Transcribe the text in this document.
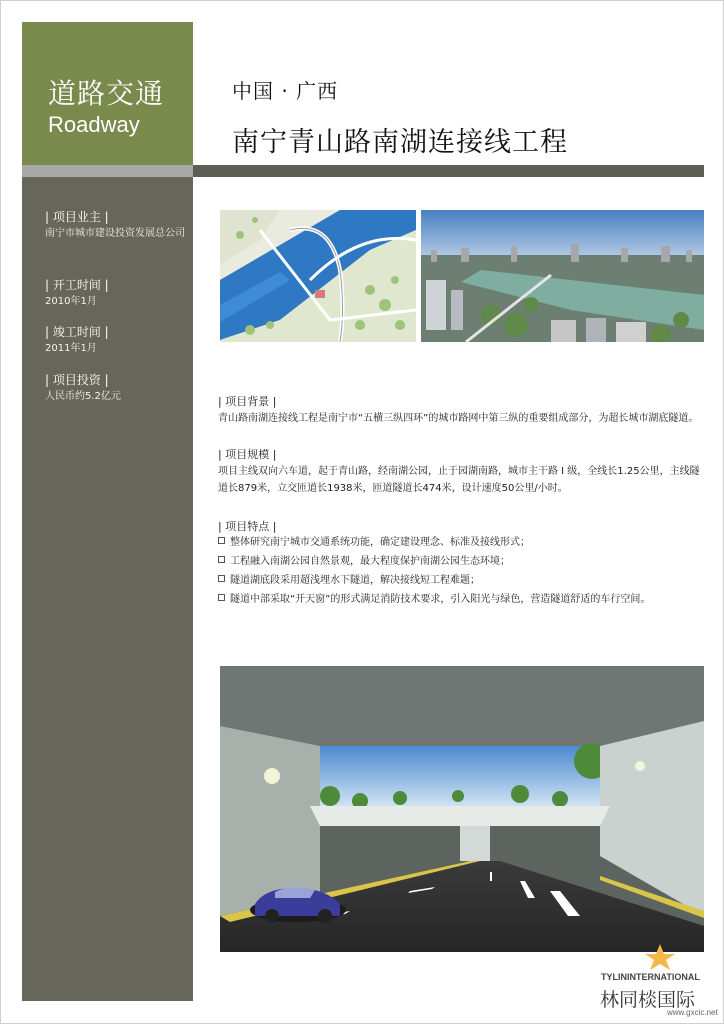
道路交通
Roadway
| 项目业主 |
南宁市城市建设投资发展总公司
| 开工时间 |
2010年1月
| 竣工时间 |
2011年1月
| 项目投资 |
人民币约5.2亿元
中国 · 广西
南宁青山路南湖连接线工程
| 项目背景 |
青山路南湖连接线工程是南宁市“五横三纵四环”的城市路网中第三纵的重要组成部分，为超长城市湖底隧道。
| 项目规模 |
项目主线双向六车道，起于青山路，经南湖公园，止于园湖南路，城市主干路 I 级，全线长1.25公里，主线隧道长879米，立交匝道长1938米，匝道隧道长474米，设计速度50公里/小时。
| 项目特点 |
整体研究南宁城市交通系统功能，确定建设理念、标准及接线形式；
工程融入南湖公园自然景观，最大程度保护南湖公园生态环境；
隧道湖底段采用超浅埋水下隧道，解决接线短工程难题；
隧道中部采取“开天窗”的形式满足消防技术要求，引入阳光与绿色，营造隧道舒适的车行空间。
TYLININTERNATIONAL
林同棪国际
www.gxcic.net
